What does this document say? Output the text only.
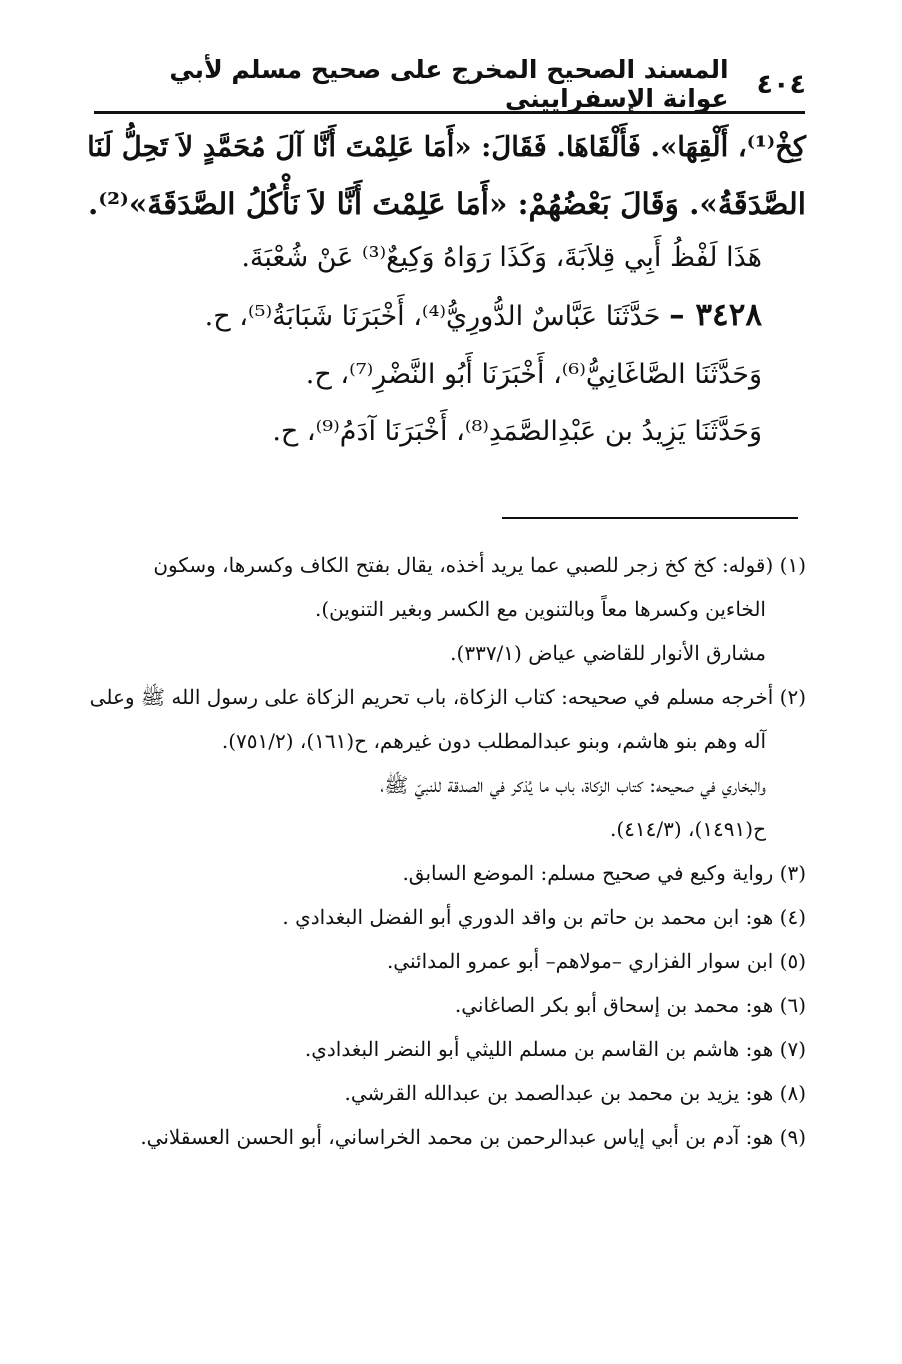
٤٠٤
المسند الصحيح المخرج على صحيح مسلم لأبي عوانة الإسفراييني
كِخْ⁽¹⁾، أَلْقِهَا». فَأَلْقَاهَا. فَقَالَ: «أَمَا عَلِمْتَ أَنَّا آلَ مُحَمَّدٍ لاَ تَحِلُّ لَنَا
الصَّدَقَةُ». وَقَالَ بَعْضُهُمْ: «أَمَا عَلِمْتَ أَنَّا لاَ نَأْكُلُ الصَّدَقَةَ»⁽²⁾.
هَذَا لَفْظُ أَبِي قِلاَبَةَ، وَكَذَا رَوَاهُ وَكِيعٌ⁽³⁾ عَنْ شُعْبَةَ.
٣٤٢٨ – حَدَّثَنَا عَبَّاسٌ الدُّورِيُّ⁽⁴⁾، أَخْبَرَنَا شَبَابَةُ⁽⁵⁾، ح.
وَحَدَّثَنَا الصَّاغَانِيُّ⁽⁶⁾، أَخْبَرَنَا أَبُو النَّضْرِ⁽⁷⁾، ح.
وَحَدَّثَنَا يَزِيدُ بن عَبْدِالصَّمَدِ⁽⁸⁾، أَخْبَرَنَا آدَمُ⁽⁹⁾، ح.

(١) (قوله: كخ كخ زجر للصبي عما يريد أخذه، يقال بفتح الكاف وكسرها، وسكون

الخاءين وكسرها معاً وبالتنوين مع الكسر وبغير التنوين).

مشارق الأنوار للقاضي عياض (٣٣٧/١).

(٢) أخرجه مسلم في صحيحه: كتاب الزكاة، باب تحريم الزكاة على رسول الله ﷺ وعلى

آله وهم بنو هاشم، وبنو عبدالمطلب دون غيرهم، ح(١٦١)، (٧٥١/٢).

والبخاري في صحيحه: كتاب الزكاة، باب ما يُذكر في الصدقة للنبيّ ﷺ،

ح(١٤٩١)، (٤١٤/٣).

(٣) رواية وكيع في صحيح مسلم: الموضع السابق.

(٤) هو: ابن محمد بن حاتم بن واقد الدوري أبو الفضل البغدادي .

(٥) ابن سوار الفزاري –مولاهم– أبو عمرو المدائني.

(٦) هو: محمد بن إسحاق أبو بكر الصاغاني.

(٧) هو: هاشم بن القاسم بن مسلم الليثي أبو النضر البغدادي.

(٨) هو: يزيد بن محمد بن عبدالصمد بن عبدالله القرشي.

(٩) هو: آدم بن أبي إياس عبدالرحمن بن محمد الخراساني، أبو الحسن العسقلاني.
